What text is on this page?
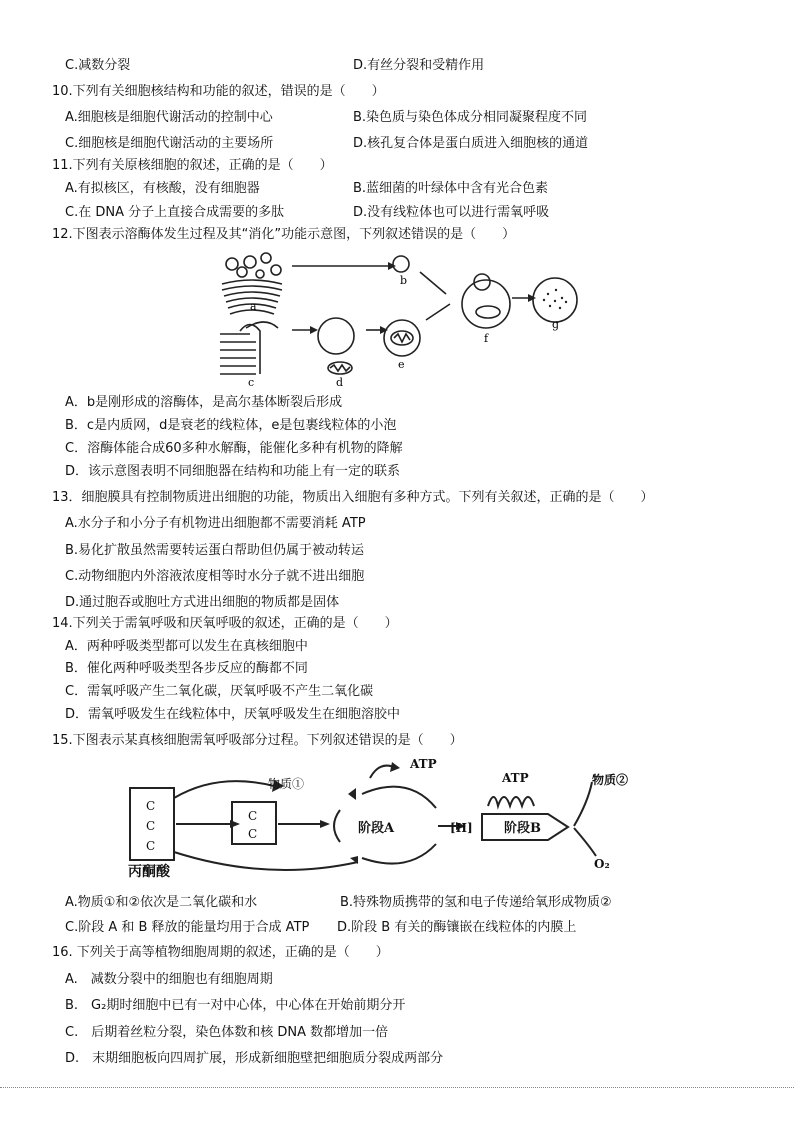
C.减数分裂	D.有丝分裂和受精作用
10.下列有关细胞核结构和功能的叙述，错误的是（　　）
A.细胞核是细胞代谢活动的控制中心	B.染色质与染色体成分相同凝聚程度不同
C.细胞核是细胞代谢活动的主要场所	D.核孔复合体是蛋白质进入细胞核的通道
11.下列有关原核细胞的叙述，正确的是（　　）
A.有拟核区，有核酸，没有细胞器	B.蓝细菌的叶绿体中含有光合色素
C.在 DNA 分子上直接合成需要的多肽	D.没有线粒体也可以进行需氧呼吸
12.下图表示溶酶体发生过程及其“消化”功能示意图，下列叙述错误的是（　　）
a
b
c	d
e
f
g
A．b是刚形成的溶酶体，是高尔基体断裂后形成
B．c是内质网，d是衰老的线粒体，e是包裹线粒体的小泡
C．溶酶体能合成60多种水解酶，能催化多种有机物的降解
D．该示意图表明不同细胞器在结构和功能上有一定的联系
13．细胞膜具有控制物质进出细胞的功能，物质出入细胞有多种方式。下列有关叙述，正确的是（　　）
A.水分子和小分子有机物进出细胞都不需要消耗 ATP
B.易化扩散虽然需要转运蛋白帮助但仍属于被动转运
C.动物细胞内外溶液浓度相等时水分子就不进出细胞
D.通过胞吞或胞吐方式进出细胞的物质都是固体
14.下列关于需氧呼吸和厌氧呼吸的叙述，正确的是（　　）
A．两种呼吸类型都可以发生在真核细胞中
B．催化两种呼吸类型各步反应的酶都不同
C．需氧呼吸产生二氧化碳，厌氧呼吸不产生二氧化碳
D．需氧呼吸发生在线粒体中，厌氧呼吸发生在细胞溶胶中
15.下图表示某真核细胞需氧呼吸部分过程。下列叙述错误的是（　　）
物质①
ATP
ATP	物质②
阶段A	阶段B
[H]
O₂
丙酮酸
C
C
C
C
C
A.物质①和②依次是二氧化碳和水	B.特殊物质携带的氢和电子传递给氧形成物质②
C.阶段 A 和 B 释放的能量均用于合成 ATP D.阶段 B 有关的酶镶嵌在线粒体的内膜上
16. 下列关于高等植物细胞周期的叙述，正确的是（　　）
A.　减数分裂中的细胞也有细胞周期
B.　G₂期时细胞中已有一对中心体，中心体在开始前期分开
C.　后期着丝粒分裂，染色体数和核 DNA 数都增加一倍
D.　末期细胞板向四周扩展，形成新细胞壁把细胞质分裂成两部分
